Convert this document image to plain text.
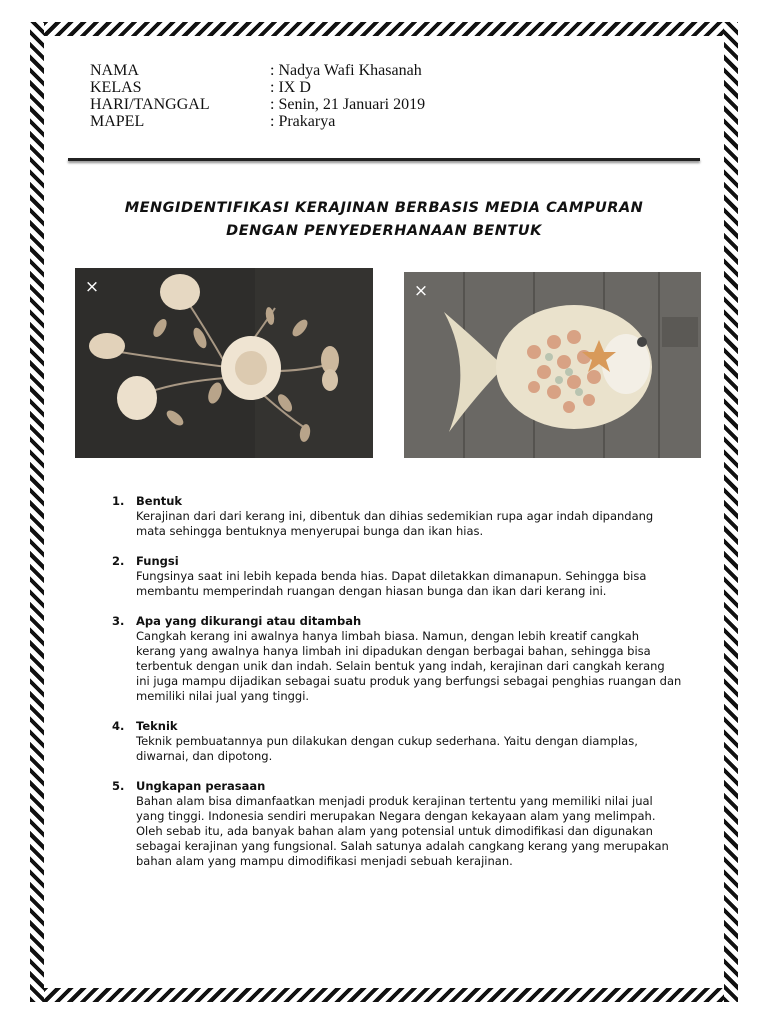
NAMA	: Nadya Wafi Khasanah
KELAS	: IX D
HARI/TANGGAL	: Senin, 21 Januari 2019
MAPEL	: Prakarya
MENGIDENTIFIKASI KERAJINAN BERBASIS MEDIA CAMPURAN
DENGAN PENYEDERHANAAN BENTUK
×	×
1.	Bentuk

Kerajinan dari dari kerang ini, dibentuk dan dihias sedemikian rupa agar indah dipandang mata sehingga bentuknya menyerupai bunga dan ikan hias.

2.	Fungsi

Fungsinya saat ini lebih kepada benda hias. Dapat diletakkan dimanapun. Sehingga bisa membantu memperindah ruangan dengan hiasan bunga dan ikan dari kerang ini.

3.	Apa yang dikurangi atau ditambah

Cangkah kerang ini awalnya hanya limbah biasa. Namun, dengan lebih kreatif cangkah kerang yang awalnya hanya limbah ini dipadukan dengan berbagai bahan, sehingga bisa terbentuk dengan unik dan indah. Selain bentuk yang indah, kerajinan dari cangkah kerang ini juga mampu dijadikan sebagai suatu produk yang berfungsi sebagai penghias ruangan dan memiliki nilai jual yang tinggi.

4.	Teknik

Teknik pembuatannya pun dilakukan dengan cukup sederhana. Yaitu dengan diamplas, diwarnai, dan dipotong.

5.	Ungkapan perasaan

Bahan alam bisa dimanfaatkan menjadi produk kerajinan tertentu yang memiliki nilai jual yang tinggi. Indonesia sendiri merupakan Negara dengan kekayaan alam yang melimpah. Oleh sebab itu, ada banyak bahan alam yang potensial untuk dimodifikasi dan digunakan sebagai kerajinan yang fungsional. Salah satunya adalah cangkang kerang yang merupakan bahan alam yang mampu dimodifikasi menjadi sebuah kerajinan.
